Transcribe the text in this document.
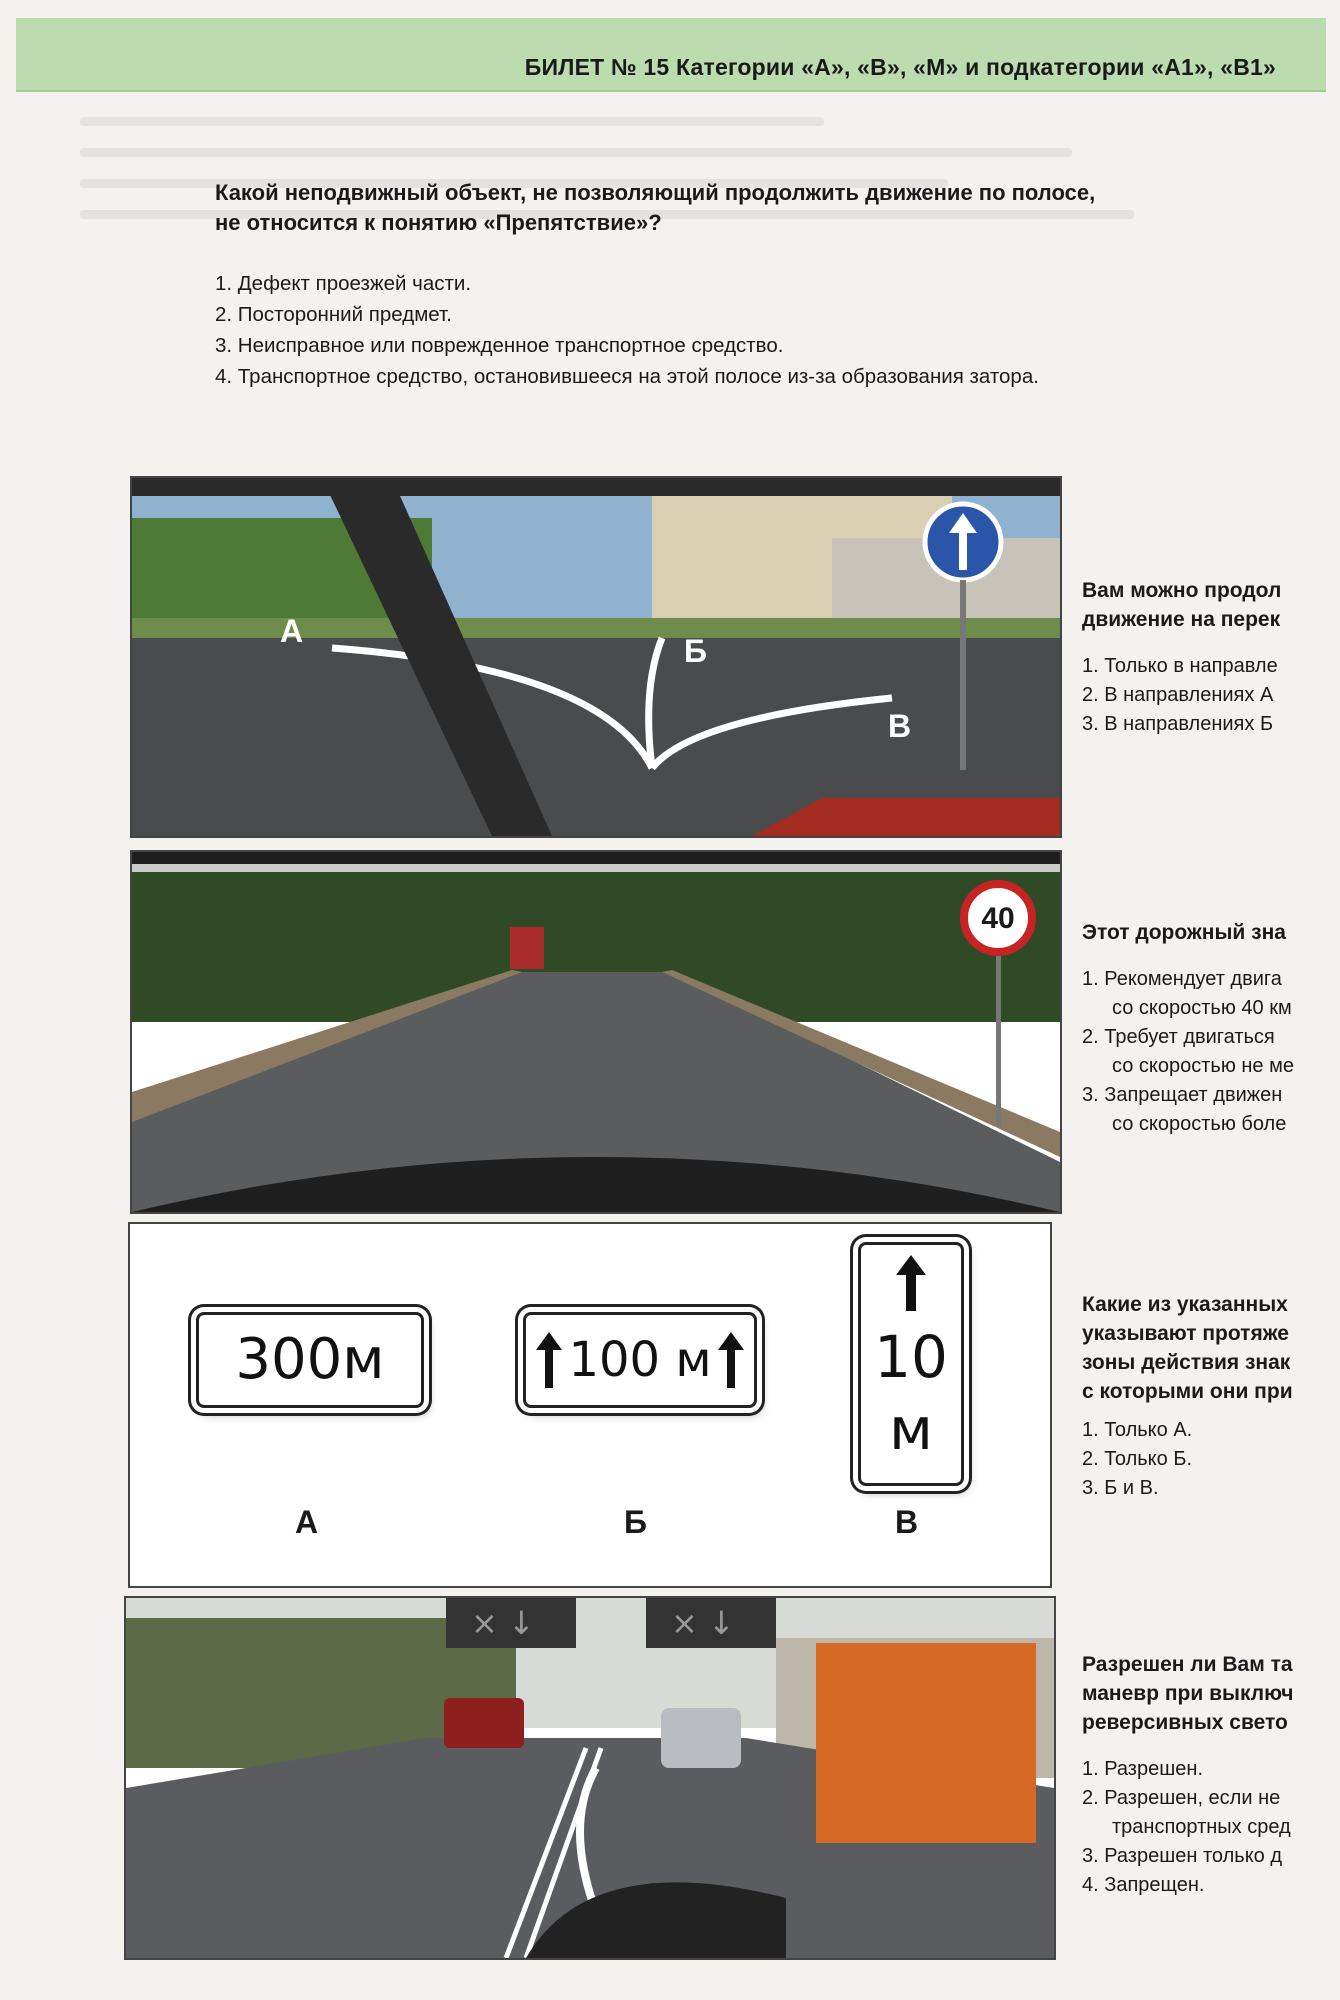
БИЛЕТ № 15 Категории «А», «В», «М» и подкатегории «А1», «В1»
Какой неподвижный объект, не позволяющий продолжить движение по полосе,
не относится к понятию «Препятствие»?
1. Дефект проезжей части.
2. Посторонний предмет.
3. Неисправное или поврежденное транспортное средство.
4. Транспортное средство, остановившееся на этой полосе из-за образования затора.
А
Б
В
Вам можно продол
движение на перек
1. Только в направле
2. В направлениях А
3. В направлениях Б
40	Этот дорожный зна
1. Рекомендует двига
со скоростью 40 км
2. Требует двигаться
со скоростью не ме
3. Запрещает движен
со скоростью боле
300м
А
100 м
Б
10
м
В
Какие из указанных
указывают протяже
зоны действия знак
с которыми они при
1. Только А.
2. Только Б.
3. Б и В.
× ↓	× ↓
Разрешен ли Вам та
маневр при выключ
реверсивных свето
1. Разрешен.
2. Разрешен, если не
транспортных сред
3. Разрешен только д
4. Запрещен.
